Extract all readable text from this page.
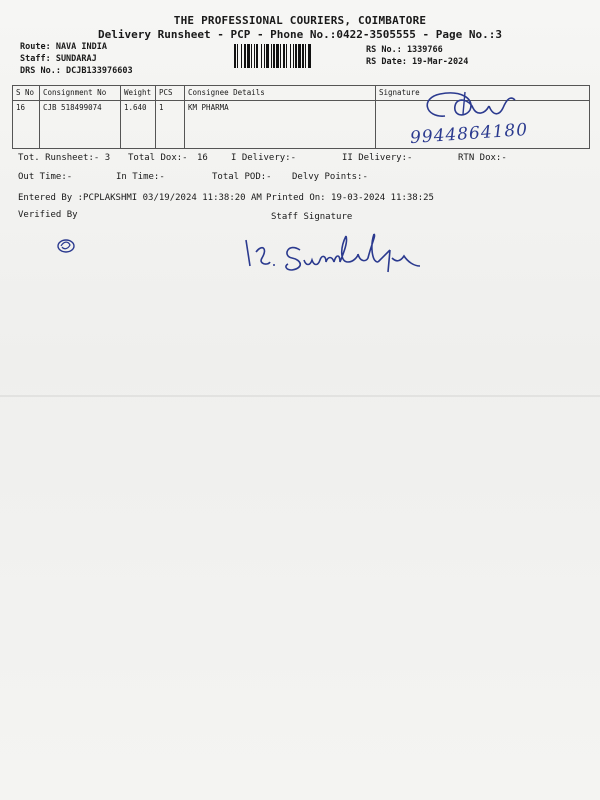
THE PROFESSIONAL COURIERS, COIMBATORE
Delivery Runsheet - PCP - Phone No.:0422-3505555 - Page No.:3
Route: NAVA INDIA
Staff: SUNDARAJ
DRS No.: DCJB133976603
RS No.: 1339766
RS Date: 19-Mar-2024
S No	Consignment No	Weight	PCS	Consignee Details	Signature
16	CJB 518499074	1.640	1	KM PHARMA	
9944864180
Tot. Runsheet:- 3 Total Dox:- 16	I Delivery:-	II Delivery:-	RTN Dox:-
Out Time:-	In Time:-	Total POD:- Delvy Points:-
Entered By :PCPLAKSHMI 03/19/2024 11:38:20 AM Printed On: 19-03-2024 11:38:25
Verified By	Staff Signature
